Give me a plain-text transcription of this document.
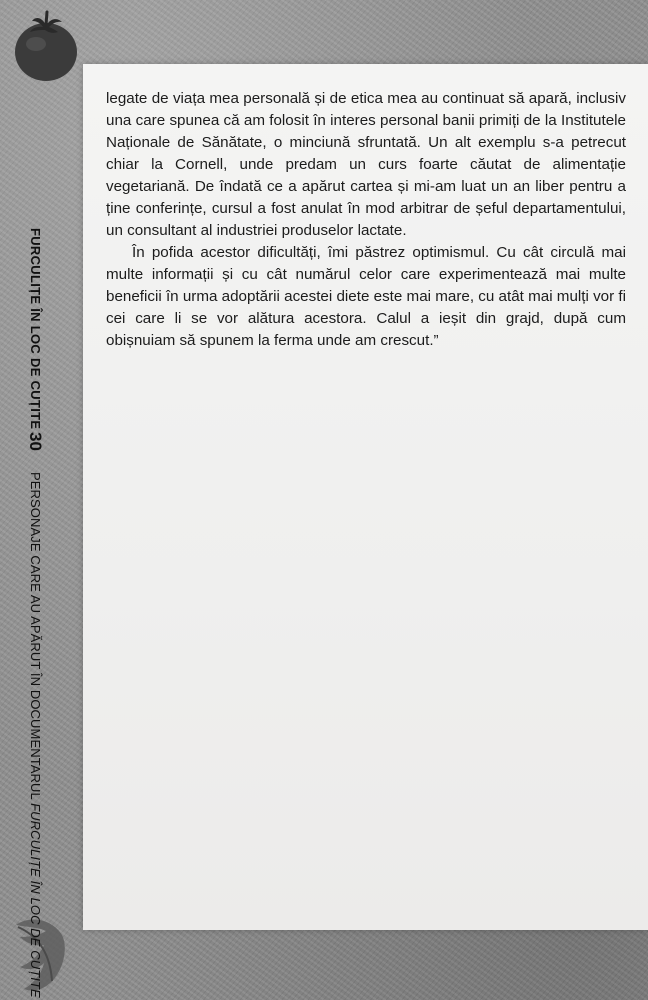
FURCULIȚE ÎN LOC DE CUȚITE
30
PERSONAJE CARE AU APĂRUT ÎN DOCUMENTARUL FURCULIȚE ÎN LOC DE CUȚITE

legate de viața mea personală și de etica mea au continuat să apară, inclusiv una care spunea că am folosit în interes personal banii primiți de la Institutele Naționale de Sănătate, o minciună sfruntată. Un alt exemplu s-a petrecut chiar la Cornell, unde predam un curs foarte căutat de alimentație vegetariană. De îndată ce a apărut cartea și mi-am luat un an liber pentru a ține conferințe, cursul a fost anulat în mod arbitrar de șeful departamentului, un consultant al industriei produselor lactate.

În pofida acestor dificultăți, îmi păstrez optimismul. Cu cât circulă mai multe informații și cu cât numărul celor care experimentează mai multe beneficii în urma adoptării acestei diete este mai mare, cu atât mai mulți vor fi cei care li se vor alătura acestora. Calul a ieșit din grajd, după cum obișnuiam să spunem la ferma unde am crescut.”
